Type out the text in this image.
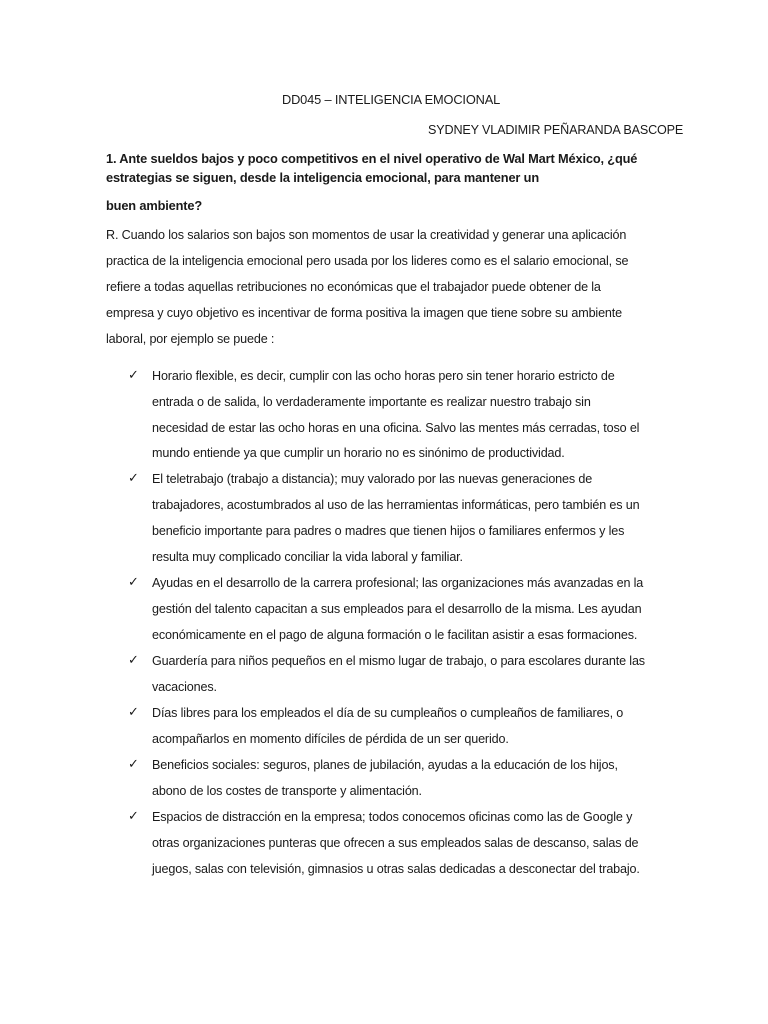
DD045 – INTELIGENCIA EMOCIONAL
SYDNEY VLADIMIR PEÑARANDA BASCOPE
1. Ante sueldos bajos y poco competitivos en el nivel operativo de Wal Mart México, ¿qué
estrategias se siguen, desde la inteligencia emocional, para mantener un
buen ambiente?
R. Cuando los salarios son bajos son momentos de usar la creatividad y generar una aplicación
practica de la inteligencia emocional pero usada por los lideres como es el salario emocional, se
refiere a todas aquellas retribuciones no económicas que el trabajador puede obtener de la
empresa y cuyo objetivo es incentivar de forma positiva la imagen que tiene sobre su ambiente
laboral, por ejemplo se puede :
✓ Horario flexible, es decir, cumplir con las ocho horas pero sin tener horario estricto de
entrada o de salida, lo verdaderamente importante es realizar nuestro trabajo sin
necesidad de estar las ocho horas en una oficina. Salvo las mentes más cerradas, toso el
mundo entiende ya que cumplir un horario no es sinónimo de productividad.
✓ El teletrabajo (trabajo a distancia); muy valorado por las nuevas generaciones de
trabajadores, acostumbrados al uso de las herramientas informáticas, pero también es un
beneficio importante para padres o madres que tienen hijos o familiares enfermos y les
resulta muy complicado conciliar la vida laboral y familiar.
✓ Ayudas en el desarrollo de la carrera profesional; las organizaciones más avanzadas en la
gestión del talento capacitan a sus empleados para el desarrollo de la misma. Les ayudan
económicamente en el pago de alguna formación o le facilitan asistir a esas formaciones.
✓ Guardería para niños pequeños en el mismo lugar de trabajo, o para escolares durante las
vacaciones.
✓ Días libres para los empleados el día de su cumpleaños o cumpleaños de familiares, o
acompañarlos en momento difíciles de pérdida de un ser querido.
✓ Beneficios sociales: seguros, planes de jubilación, ayudas a la educación de los hijos,
abono de los costes de transporte y alimentación.
✓ Espacios de distracción en la empresa; todos conocemos oficinas como las de Google y
otras organizaciones punteras que ofrecen a sus empleados salas de descanso, salas de
juegos, salas con televisión, gimnasios u otras salas dedicadas a desconectar del trabajo.
